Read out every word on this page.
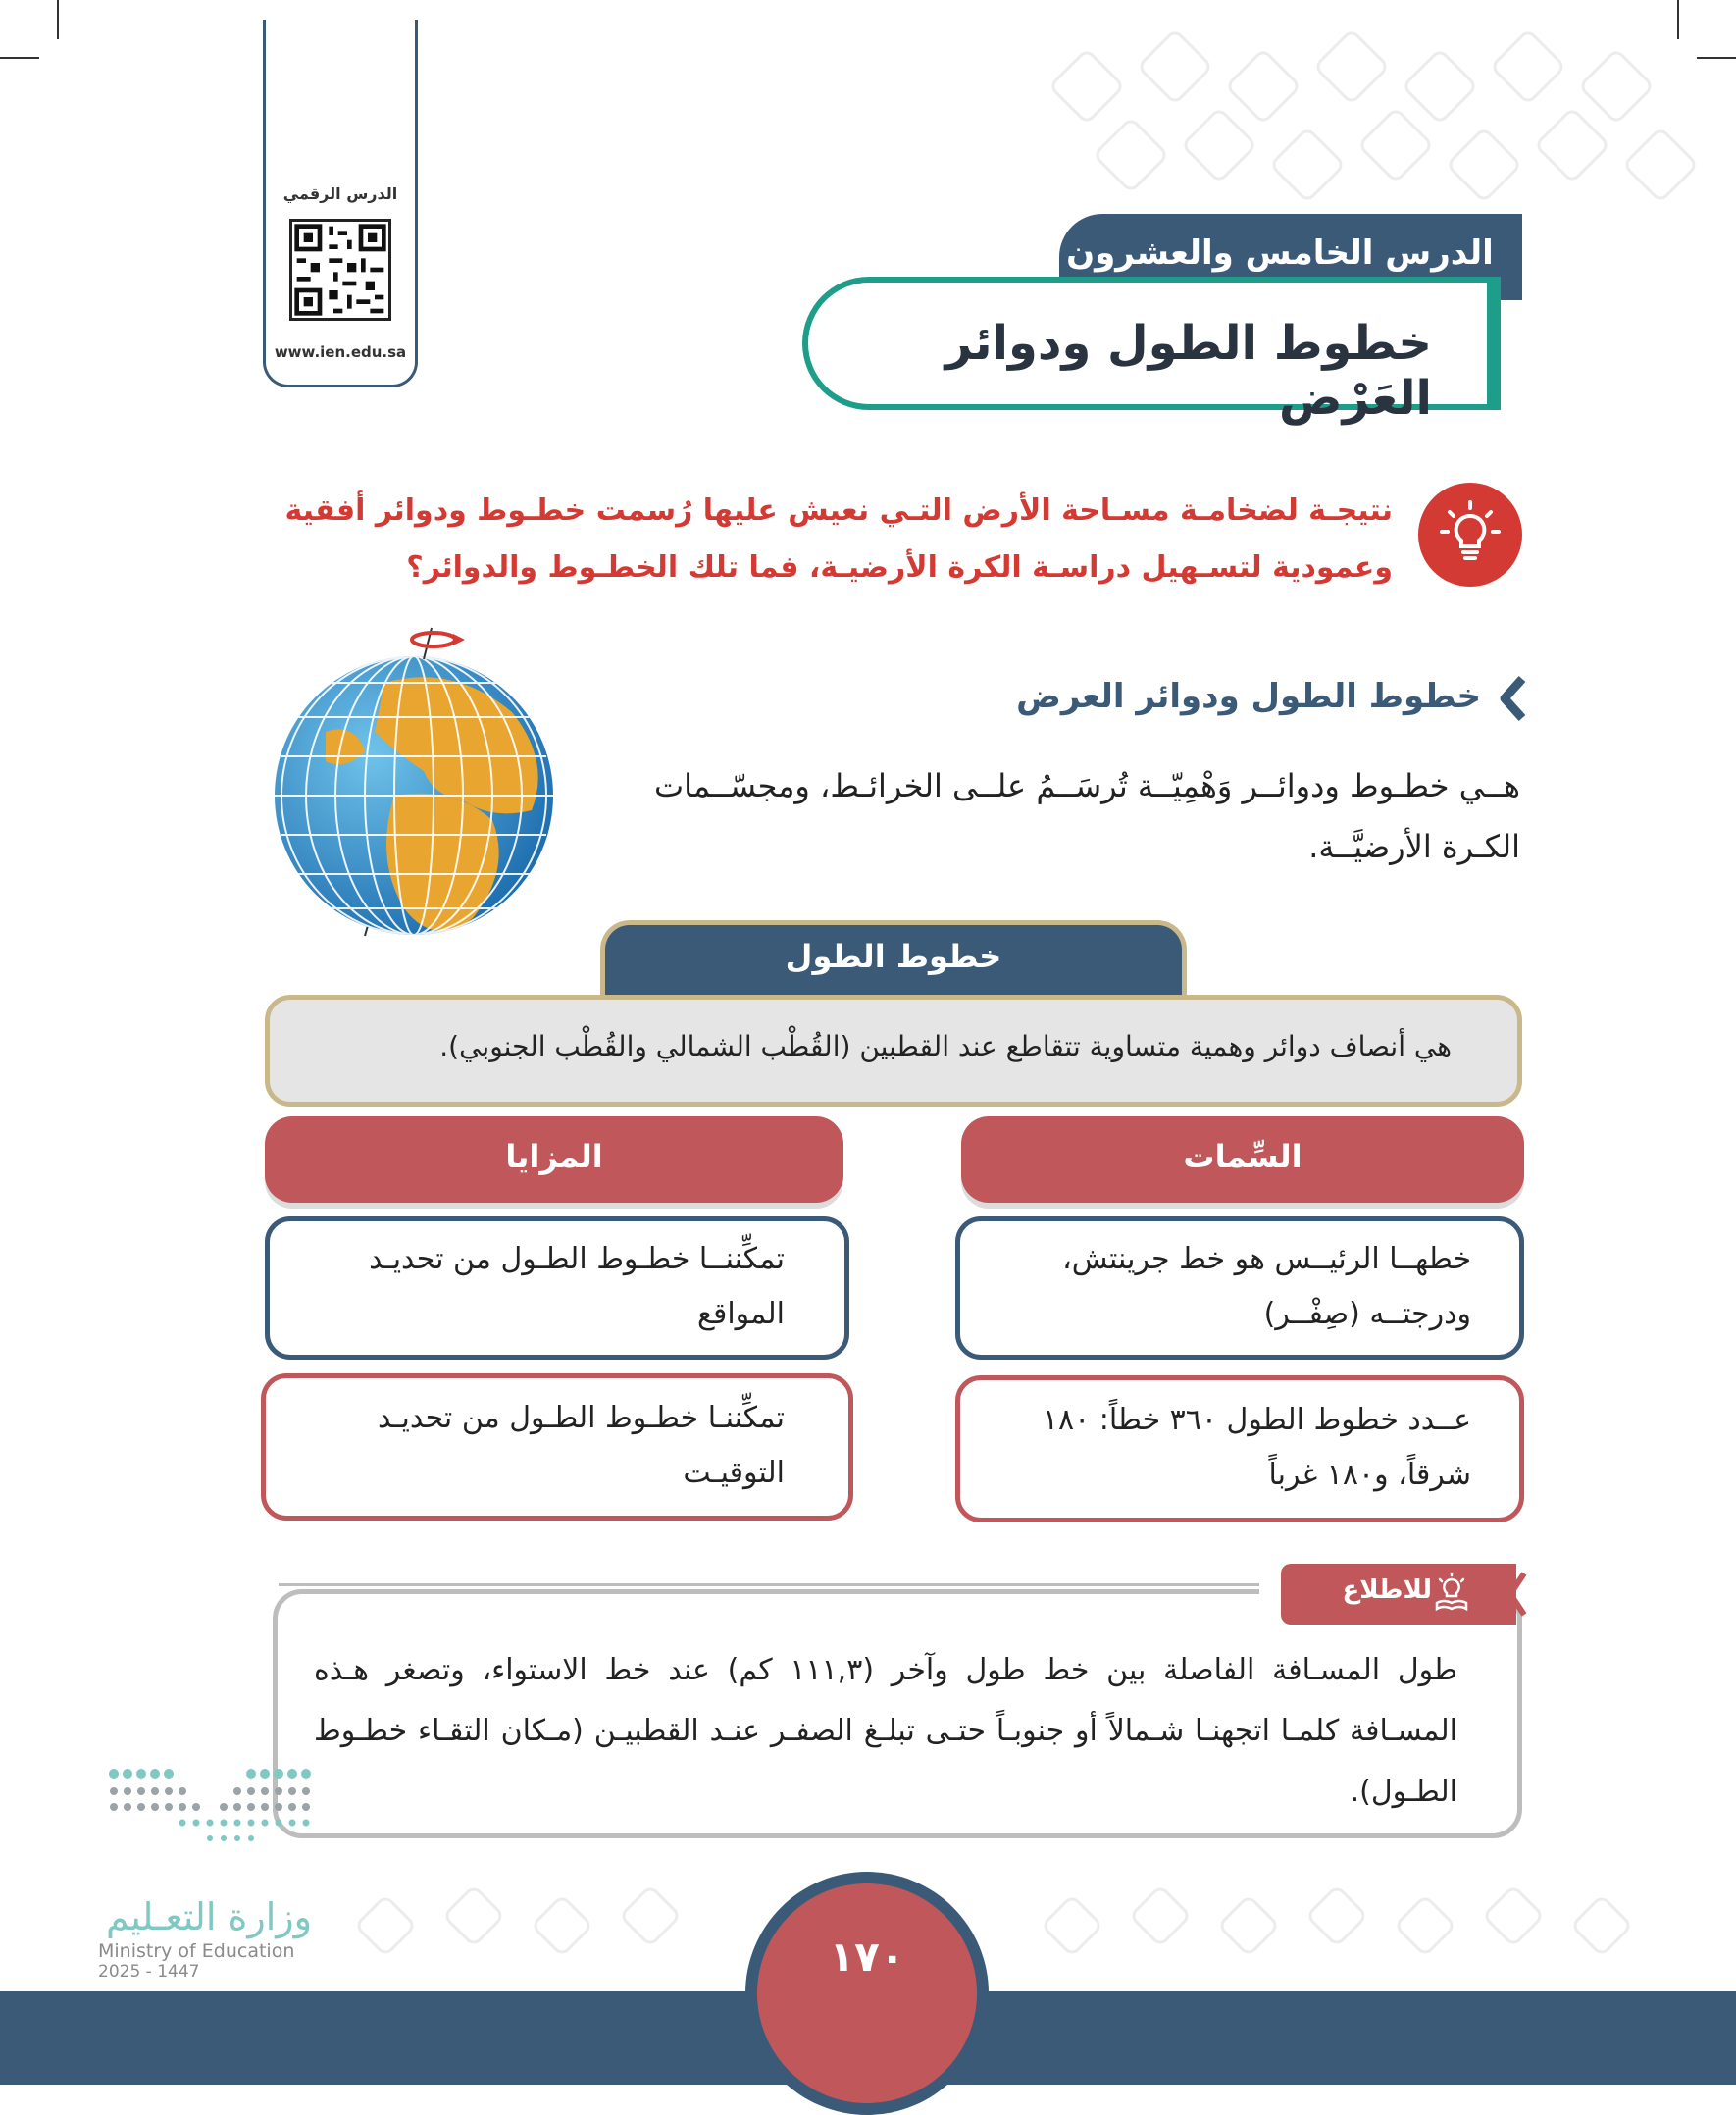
الدرس الرقمي
www.ien.edu.sa
الدرس الخامس والعشرون
خطوط الطول ودوائر العَرْض
نتيجـة لضخامـة مسـاحة الأرض التـي نعيش عليها رُسمت خطـوط ودوائر أفقية وعمودية لتسـهيل دراسـة الكرة الأرضيـة، فما تلك الخطـوط والدوائر؟
خطوط الطول ودوائر العرض
هــي خطـوط ودوائــر وَهْمِيّــة تُرسَــمُ علــى الخرائـط، ومجسّــمات الكـرة الأرضيَّــة.
خطوط الطول
هي أنصاف دوائر وهمية متساوية تتقاطع عند القطبين (القُطْب الشمالي والقُطْب الجنوبي).
السِّمات
المزايا
خطهــا الرئيــس هو خط جرينتش، ودرجتــه (صِفْــر)
عــدد خطوط الطول ٣٦٠ خطاً: ١٨٠ شرقاً، و١٨٠ غرباً
تمكِّننــا خطـوط الطـول من تحديـد المواقع
تمكِّننـا خطـوط الطـول من تحديـد التوقيـت
للاطلاع
طول المسـافة الفاصلة بين خط طول وآخر (١١١,٣ كم) عند خط الاستواء، وتصغر هـذه المسـافة كلمـا اتجهنـا شـمالاً أو جنوبـاً حتـى تبلـغ الصفـر عنـد القطبيـن (مـكان التقـاء خطـوط الطـول).
وزارة التعـليم
Ministry of Education
2025 - 1447	١٧٠
